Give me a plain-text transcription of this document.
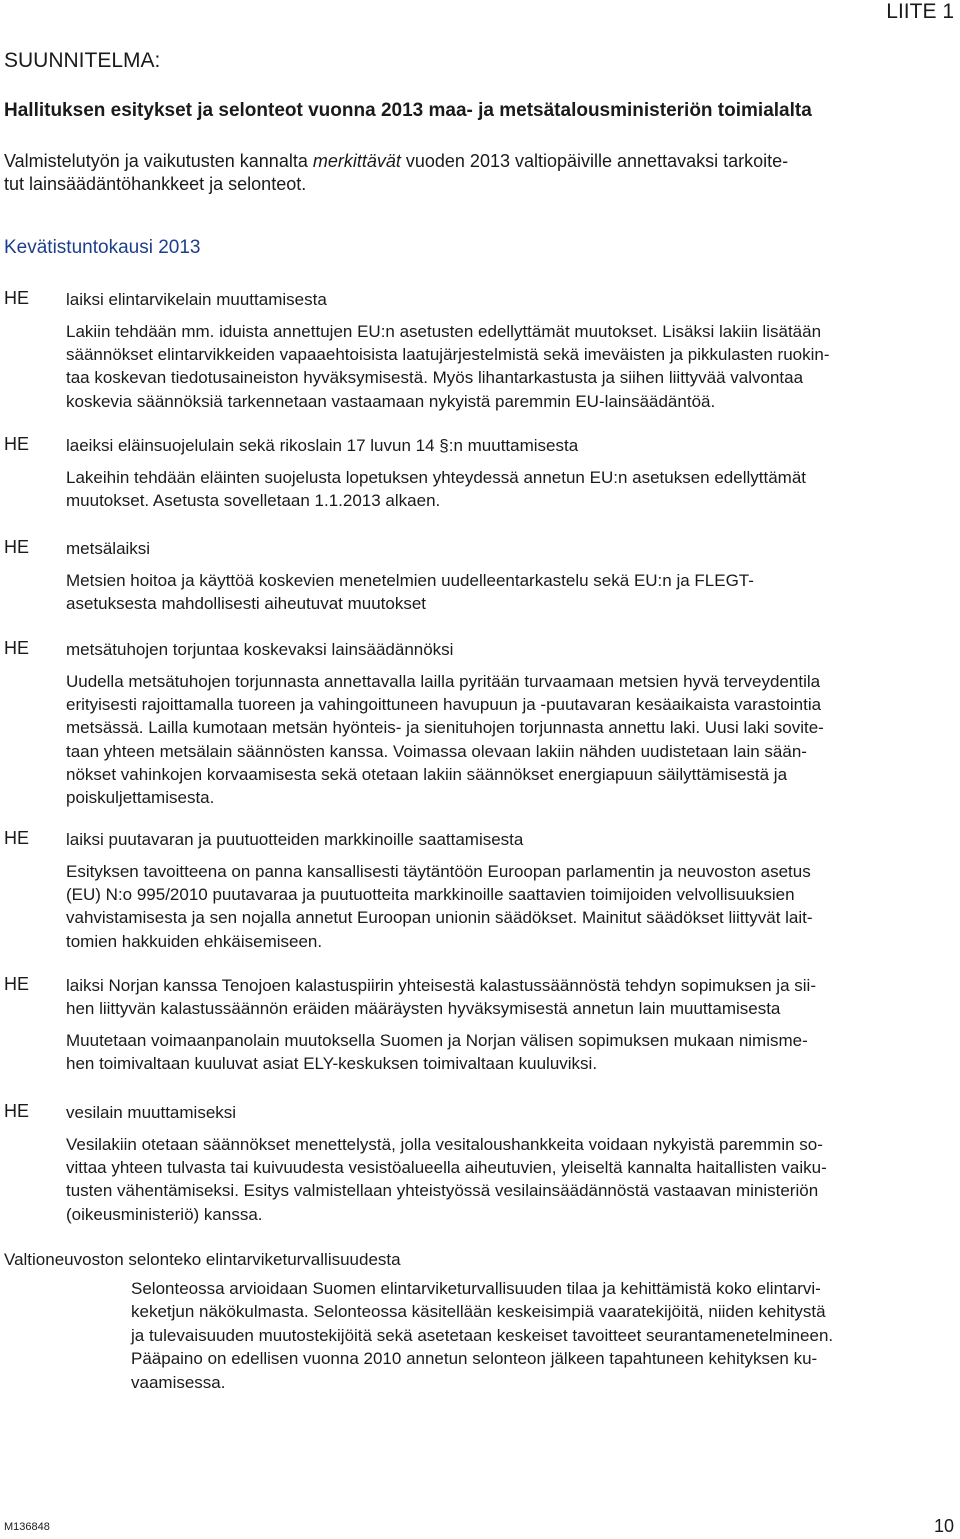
LIITE 1
SUUNNITELMA:
Hallituksen esitykset ja selonteot vuonna 2013 maa- ja metsätalousministeriön toimialalta
Valmistelutyön ja vaikutusten kannalta merkittävät vuoden 2013 valtiopäiville annettavaksi tarkoite-
tut lainsäädäntöhankkeet ja selonteot.
Kevätistuntokausi 2013
HE laiksi elintarvikelain muuttamisesta

Lakiin tehdään mm. iduista annettujen EU:n asetusten edellyttämät muutokset. Lisäksi lakiin lisätään
säännökset elintarvikkeiden vapaaehtoisista laatujärjestelmistä sekä imeväisten ja pikkulasten ruokin-
taa koskevan tiedotusaineiston hyväksymisestä. Myös lihantarkastusta ja siihen liittyvää valvontaa
koskevia säännöksiä tarkennetaan vastaamaan nykyistä paremmin EU-lainsäädäntöä.

HE laeiksi eläinsuojelulain sekä rikoslain 17 luvun 14 §:n muuttamisesta

Lakeihin tehdään eläinten suojelusta lopetuksen yhteydessä annetun EU:n asetuksen edellyttämät
muutokset. Asetusta sovelletaan 1.1.2013 alkaen.

HE metsälaiksi

Metsien hoitoa ja käyttöä koskevien menetelmien uudelleentarkastelu sekä EU:n ja FLEGT-
asetuksesta mahdollisesti aiheutuvat muutokset

HE metsätuhojen torjuntaa koskevaksi lainsäädännöksi

Uudella metsätuhojen torjunnasta annettavalla lailla pyritään turvaamaan metsien hyvä terveydentila
erityisesti rajoittamalla tuoreen ja vahingoittuneen havupuun ja -puutavaran kesäaikaista varastointia
metsässä. Lailla kumotaan metsän hyönteis- ja sienituhojen torjunnasta annettu laki. Uusi laki sovite-
taan yhteen metsälain säännösten kanssa. Voimassa olevaan lakiin nähden uudistetaan lain sään-
nökset vahinkojen korvaamisesta sekä otetaan lakiin säännökset energiapuun säilyttämisestä ja
poiskuljettamisesta.

HE laiksi puutavaran ja puutuotteiden markkinoille saattamisesta

Esityksen tavoitteena on panna kansallisesti täytäntöön Euroopan parlamentin ja neuvoston asetus
(EU) N:o 995/2010 puutavaraa ja puutuotteita markkinoille saattavien toimijoiden velvollisuuksien
vahvistamisesta ja sen nojalla annetut Euroopan unionin säädökset. Mainitut säädökset liittyvät lait-
tomien hakkuiden ehkäisemiseen.

HE laiksi Norjan kanssa Tenojoen kalastuspiirin yhteisestä kalastussäännöstä tehdyn sopimuksen ja sii-
hen liittyvän kalastussäännön eräiden määräysten hyväksymisestä annetun lain muuttamisesta

Muutetaan voimaanpanolain muutoksella Suomen ja Norjan välisen sopimuksen mukaan nimisme-
hen toimivaltaan kuuluvat asiat ELY-keskuksen toimivaltaan kuuluviksi.

HE vesilain muuttamiseksi

Vesilakiin otetaan säännökset menettelystä, jolla vesitaloushankkeita voidaan nykyistä paremmin so-
vittaa yhteen tulvasta tai kuivuudesta vesistöalueella aiheutuvien, yleiseltä kannalta haitallisten vaiku-
tusten vähentämiseksi. Esitys valmistellaan yhteistyössä vesilainsäädännöstä vastaavan ministeriön
(oikeusministeriö) kanssa.

Valtioneuvoston selonteko elintarviketurvallisuudesta
Selonteossa arvioidaan Suomen elintarviketurvallisuuden tilaa ja kehittämistä koko elintarvi-
keketjun näkökulmasta. Selonteossa käsitellään keskeisimpiä vaaratekijöitä, niiden kehitystä
ja tulevaisuuden muutostekijöitä sekä asetetaan keskeiset tavoitteet seurantamenetelmineen.
Pääpaino on edellisen vuonna 2010 annetun selonteon jälkeen tapahtuneen kehityksen ku-
vaamisessa.
M136848	10
